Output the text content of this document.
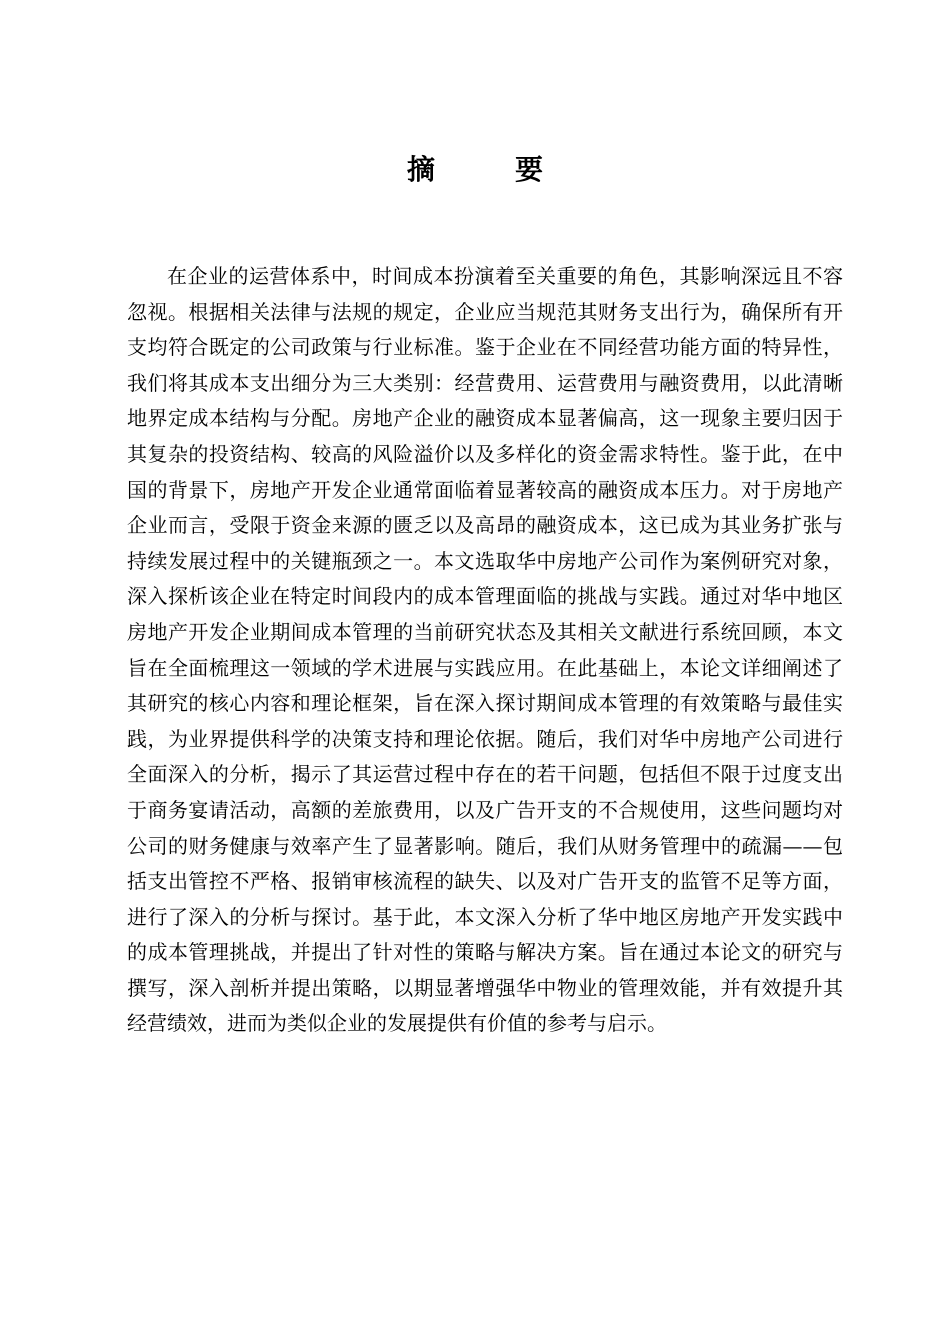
摘　要

在企业的运营体系中，时间成本扮演着至关重要的角色，其影响深远且不容忽视。根据相关法律与法规的规定，企业应当规范其财务支出行为，确保所有开支均符合既定的公司政策与行业标准。鉴于企业在不同经营功能方面的特异性，我们将其成本支出细分为三大类别：经营费用、运营费用与融资费用，以此清晰地界定成本结构与分配。房地产企业的融资成本显著偏高，这一现象主要归因于其复杂的投资结构、较高的风险溢价以及多样化的资金需求特性。鉴于此，在中国的背景下，房地产开发企业通常面临着显著较高的融资成本压力。对于房地产企业而言，受限于资金来源的匮乏以及高昂的融资成本，这已成为其业务扩张与持续发展过程中的关键瓶颈之一。本文选取华中房地产公司作为案例研究对象，深入探析该企业在特定时间段内的成本管理面临的挑战与实践。通过对华中地区房地产开发企业期间成本管理的当前研究状态及其相关文献进行系统回顾，本文旨在全面梳理这一领域的学术进展与实践应用。在此基础上，本论文详细阐述了其研究的核心内容和理论框架，旨在深入探讨期间成本管理的有效策略与最佳实践，为业界提供科学的决策支持和理论依据。随后，我们对华中房地产公司进行全面深入的分析，揭示了其运营过程中存在的若干问题，包括但不限于过度支出于商务宴请活动，高额的差旅费用，以及广告开支的不合规使用，这些问题均对公司的财务健康与效率产生了显著影响。随后，我们从财务管理中的疏漏——包括支出管控不严格、报销审核流程的缺失、以及对广告开支的监管不足等方面，进行了深入的分析与探讨。基于此，本文深入分析了华中地区房地产开发实践中的成本管理挑战，并提出了针对性的策略与解决方案。旨在通过本论文的研究与撰写，深入剖析并提出策略，以期显著增强华中物业的管理效能，并有效提升其经营绩效，进而为类似企业的发展提供有价值的参考与启示。
